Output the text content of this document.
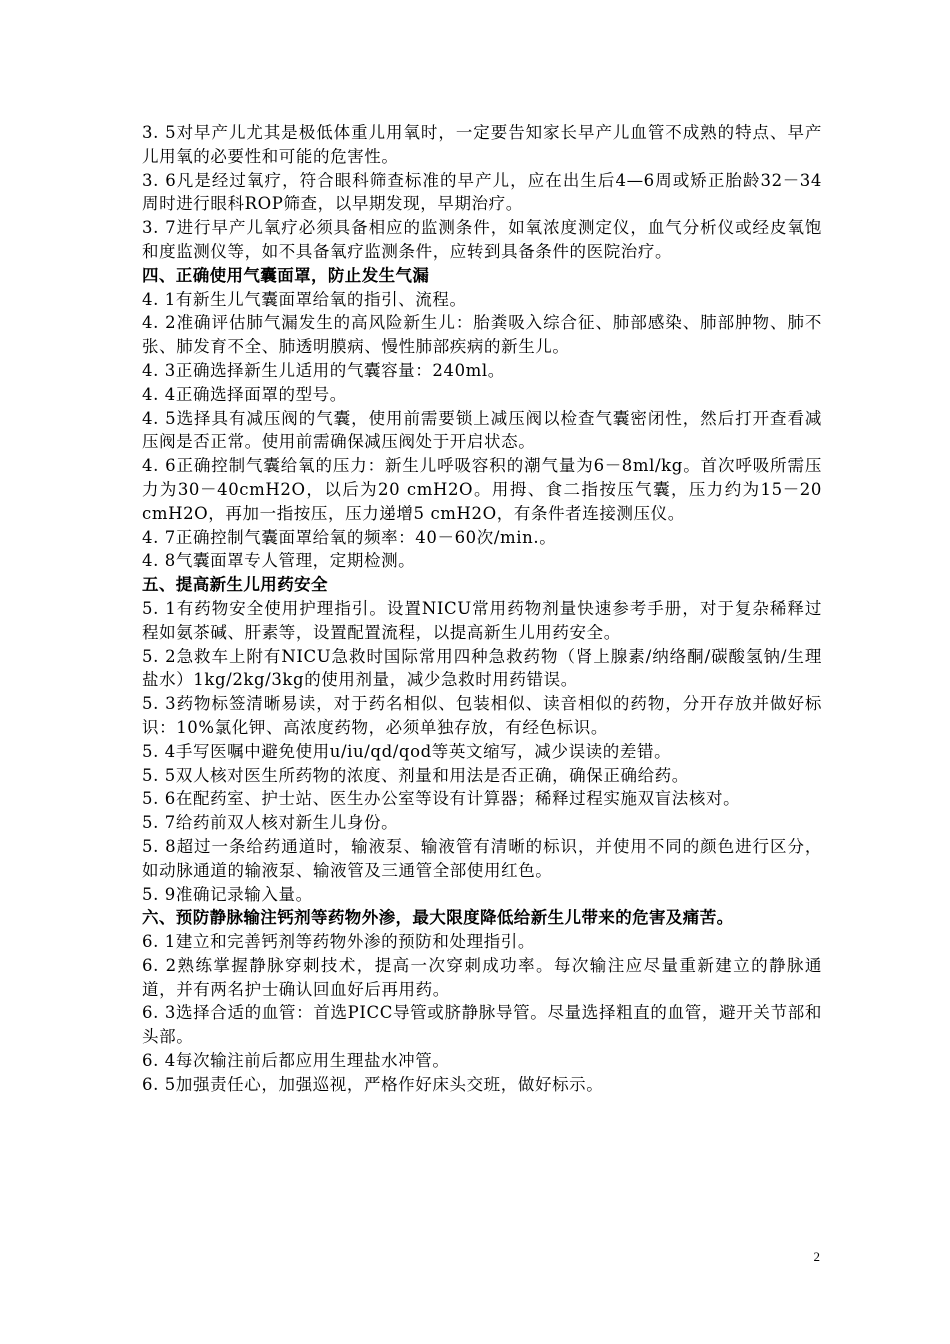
3. 5对早产儿尤其是极低体重儿用氧时，一定要告知家长早产儿血管不成熟的特点、早产儿用氧的必要性和可能的危害性。

3. 6凡是经过氧疗，符合眼科筛查标准的早产儿，应在出生后4—6周或矫正胎龄32－34周时进行眼科ROP筛查，以早期发现，早期治疗。

3. 7进行早产儿氧疗必须具备相应的监测条件，如氧浓度测定仪，血气分析仪或经皮氧饱和度监测仪等，如不具备氧疗监测条件，应转到具备条件的医院治疗。

四、正确使用气囊面罩，防止发生气漏

4. 1有新生儿气囊面罩给氧的指引、流程。

4. 2准确评估肺气漏发生的高风险新生儿：胎粪吸入综合征、肺部感染、肺部肿物、肺不张、肺发育不全、肺透明膜病、慢性肺部疾病的新生儿。

4. 3正确选择新生儿适用的气囊容量：240ml。

4. 4正确选择面罩的型号。

4. 5选择具有减压阀的气囊，使用前需要锁上减压阀以检查气囊密闭性，然后打开查看减压阀是否正常。使用前需确保减压阀处于开启状态。

4. 6正确控制气囊给氧的压力：新生儿呼吸容积的潮气量为6－8ml/kg。首次呼吸所需压力为30－40cmH2O，以后为20 cmH2O。用拇、食二指按压气囊，压力约为15－20 cmH2O，再加一指按压，压力递增5 cmH2O，有条件者连接测压仪。

4. 7正确控制气囊面罩给氧的频率：40－60次/min.。

4. 8气囊面罩专人管理，定期检测。

五、提高新生儿用药安全

5. 1有药物安全使用护理指引。设置NICU常用药物剂量快速参考手册，对于复杂稀释过程如氨茶碱、肝素等，设置配置流程，以提高新生儿用药安全。

5. 2急救车上附有NICU急救时国际常用四种急救药物（肾上腺素/纳络酮/碳酸氢钠/生理盐水）1kg/2kg/3kg的使用剂量，减少急救时用药错误。

5. 3药物标签清晰易读，对于药名相似、包装相似、读音相似的药物，分开存放并做好标识：10%氯化钾、高浓度药物，必须单独存放，有经色标识。

5. 4手写医嘱中避免使用u/iu/qd/qod等英文缩写，减少误读的差错。

5. 5双人核对医生所药物的浓度、剂量和用法是否正确，确保正确给药。

5. 6在配药室、护士站、医生办公室等设有计算器；稀释过程实施双盲法核对。

5. 7给药前双人核对新生儿身份。

5. 8超过一条给药通道时，输液泵、输液管有清晰的标识，并使用不同的颜色进行区分，如动脉通道的输液泵、输液管及三通管全部使用红色。

5. 9准确记录输入量。

六、预防静脉输注钙剂等药物外渗，最大限度降低给新生儿带来的危害及痛苦。

6. 1建立和完善钙剂等药物外渗的预防和处理指引。

6. 2熟练掌握静脉穿刺技术，提高一次穿刺成功率。每次输注应尽量重新建立的静脉通道，并有两名护士确认回血好后再用药。

6. 3选择合适的血管：首选PICC导管或脐静脉导管。尽量选择粗直的血管，避开关节部和头部。

6. 4每次输注前后都应用生理盐水冲管。

6. 5加强责任心，加强巡视，严格作好床头交班，做好标示。

2
